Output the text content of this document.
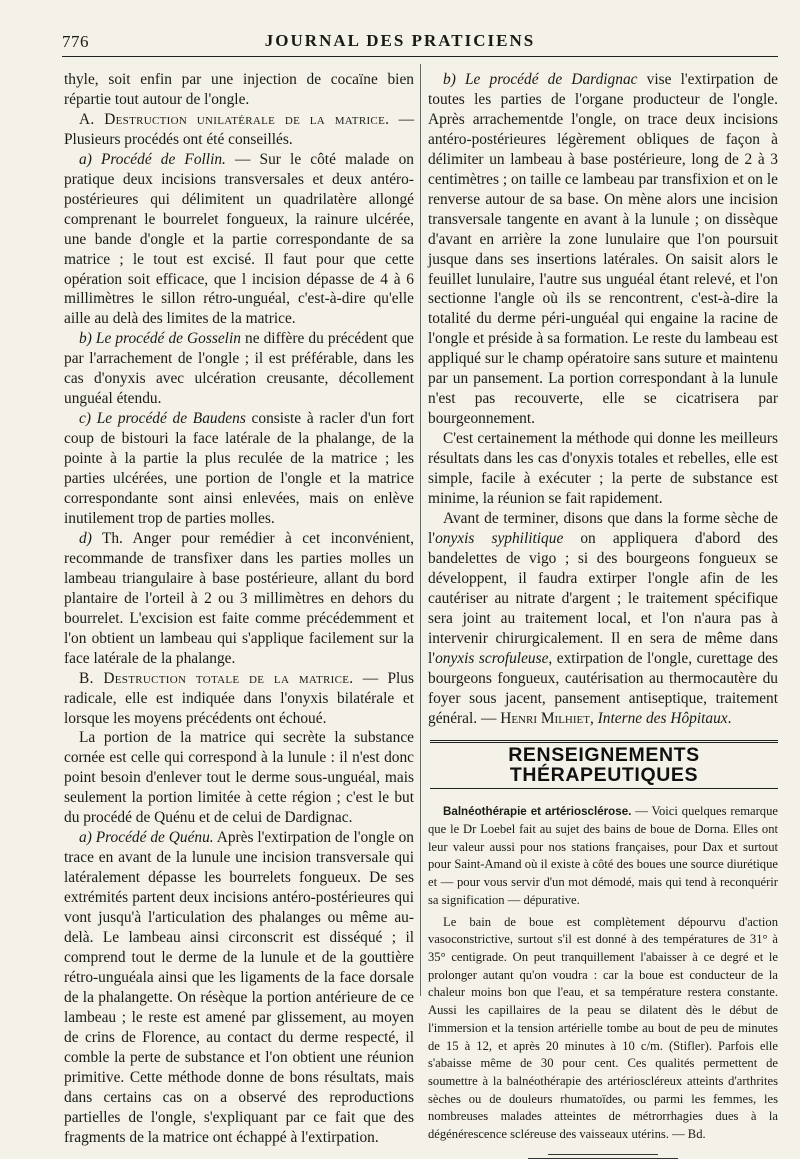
776	JOURNAL DES PRATICIENS

thyle, soit enfin par une injection de cocaïne bien répartie tout autour de l'ongle.

A. Destruction unilatérale de la matrice. — Plusieurs procédés ont été conseillés.

a) Procédé de Follin. — Sur le côté malade on pratique deux incisions transversales et deux antéro-postérieures qui délimitent un quadrilatère allongé comprenant le bourrelet fongueux, la rainure ulcérée, une bande d'ongle et la partie correspondante de sa matrice ; le tout est excisé. Il faut pour que cette opération soit efficace, que l incision dépasse de 4 à 6 millimètres le sillon rétro-unguéal, c'est-à-dire qu'elle aille au delà des limites de la matrice.

b) Le procédé de Gosselin ne diffère du précédent que par l'arrachement de l'ongle ; il est préférable, dans les cas d'onyxis avec ulcération creusante, décollement unguéal étendu.

c) Le procédé de Baudens consiste à racler d'un fort coup de bistouri la face latérale de la phalange, de la pointe à la partie la plus reculée de la matrice ; les parties ulcérées, une portion de l'ongle et la matrice correspondante sont ainsi enlevées, mais on enlève inutilement trop de parties molles.

d) Th. Anger pour remédier à cet inconvénient, recommande de transfixer dans les parties molles un lambeau triangulaire à base postérieure, allant du bord plantaire de l'orteil à 2 ou 3 millimètres en dehors du bourrelet. L'excision est faite comme précédemment et l'on obtient un lambeau qui s'applique facilement sur la face latérale de la phalange.

B. Destruction totale de la matrice. — Plus radicale, elle est indiquée dans l'onyxis bilatérale et lorsque les moyens précédents ont échoué.

La portion de la matrice qui secrète la substance cornée est celle qui correspond à la lunule : il n'est donc point besoin d'enlever tout le derme sous-unguéal, mais seulement la portion limitée à cette région ; c'est le but du procédé de Quénu et de celui de Dardignac.

a) Procédé de Quénu. Après l'extirpation de l'ongle on trace en avant de la lunule une incision transversale qui latéralement dépasse les bourrelets fongueux. De ses extrémités partent deux incisions antéro-postérieures qui vont jusqu'à l'articulation des phalanges ou même au-delà. Le lambeau ainsi circonscrit est disséqué ; il comprend tout le derme de la lunule et de la gouttière rétro-unguéala ainsi que les ligaments de la face dorsale de la phalangette. On résèque la portion antérieure de ce lambeau ; le reste est amené par glissement, au moyen de crins de Florence, au contact du derme respecté, il comble la perte de substance et l'on obtient une réunion primitive. Cette méthode donne de bons résultats, mais dans certains cas on a observé des reproductions partielles de l'ongle, s'expliquant par ce fait que des fragments de la matrice ont échappé à l'extirpation.

b) Le procédé de Dardignac vise l'extirpation de toutes les parties de l'organe producteur de l'ongle. Après arrachementde l'ongle, on trace deux incisions antéro-postérieures légèrement obliques de façon à délimiter un lambeau à base postérieure, long de 2 à 3 centimètres ; on taille ce lambeau par transfixion et on le renverse autour de sa base. On mène alors une incision transversale tangente en avant à la lunule ; on dissèque d'avant en arrière la zone lunulaire que l'on poursuit jusque dans ses insertions latérales. On saisit alors le feuillet lunulaire, l'autre sus unguéal étant relevé, et l'on sectionne l'angle où ils se rencontrent, c'est-à-dire la totalité du derme péri-unguéal qui engaine la racine de l'ongle et préside à sa formation. Le reste du lambeau est appliqué sur le champ opératoire sans suture et maintenu par un pansement. La portion correspondant à la lunule n'est pas recouverte, elle se cicatrisera par bourgeonnement.

C'est certainement la méthode qui donne les meilleurs résultats dans les cas d'onyxis totales et rebelles, elle est simple, facile à exécuter ; la perte de substance est minime, la réunion se fait rapidement.

Avant de terminer, disons que dans la forme sèche de l'onyxis syphilitique on appliquera d'abord des bandelettes de vigo ; si des bourgeons fongueux se développent, il faudra extirper l'ongle afin de les cautériser au nitrate d'argent ; le traitement spécifique sera joint au traitement local, et l'on n'aura pas à intervenir chirurgicalement. Il en sera de même dans l'onyxis scrofuleuse, extirpation de l'ongle, curettage des bourgeons fongueux, cautérisation au thermocautère du foyer sous jacent, pansement antiseptique, traitement général. — Henri Milhiet, Interne des Hôpitaux.

RENSEIGNEMENTS THÉRAPEUTIQUES

Balnéothérapie et artériosclérose. — Voici quelques remarque que le Dr Loebel fait au sujet des bains de boue de Dorna. Elles ont leur valeur aussi pour nos stations françaises, pour Dax et surtout pour Saint-Amand où il existe à côté des boues une source diurétique et — pour vous servir d'un mot démodé, mais qui tend à reconquérir sa signification — dépurative.

Le bain de boue est complètement dépourvu d'action vasoconstrictive, surtout s'il est donné à des températures de 31° à 35° centigrade. On peut tranquillement l'abaisser à ce degré et le prolonger autant qu'on voudra : car la boue est conducteur de la chaleur moins bon que l'eau, et sa température restera constante. Aussi les capillaires de la peau se dilatent dès le début de l'immersion et la tension artérielle tombe au bout de peu de minutes de 15 à 12, et après 20 minutes à 10 c/m. (Stifler). Parfois elle s'abaisse même de 30 pour cent. Ces qualités permettent de soumettre à la balnéothérapie des artérioscléreux atteints d'arthrites sèches ou de douleurs rhumatoïdes, ou parmi les femmes, les nombreuses malades atteintes de métrorrhagies dues à la dégénérescence scléreuse des vaisseaux utérins. — Bd.
